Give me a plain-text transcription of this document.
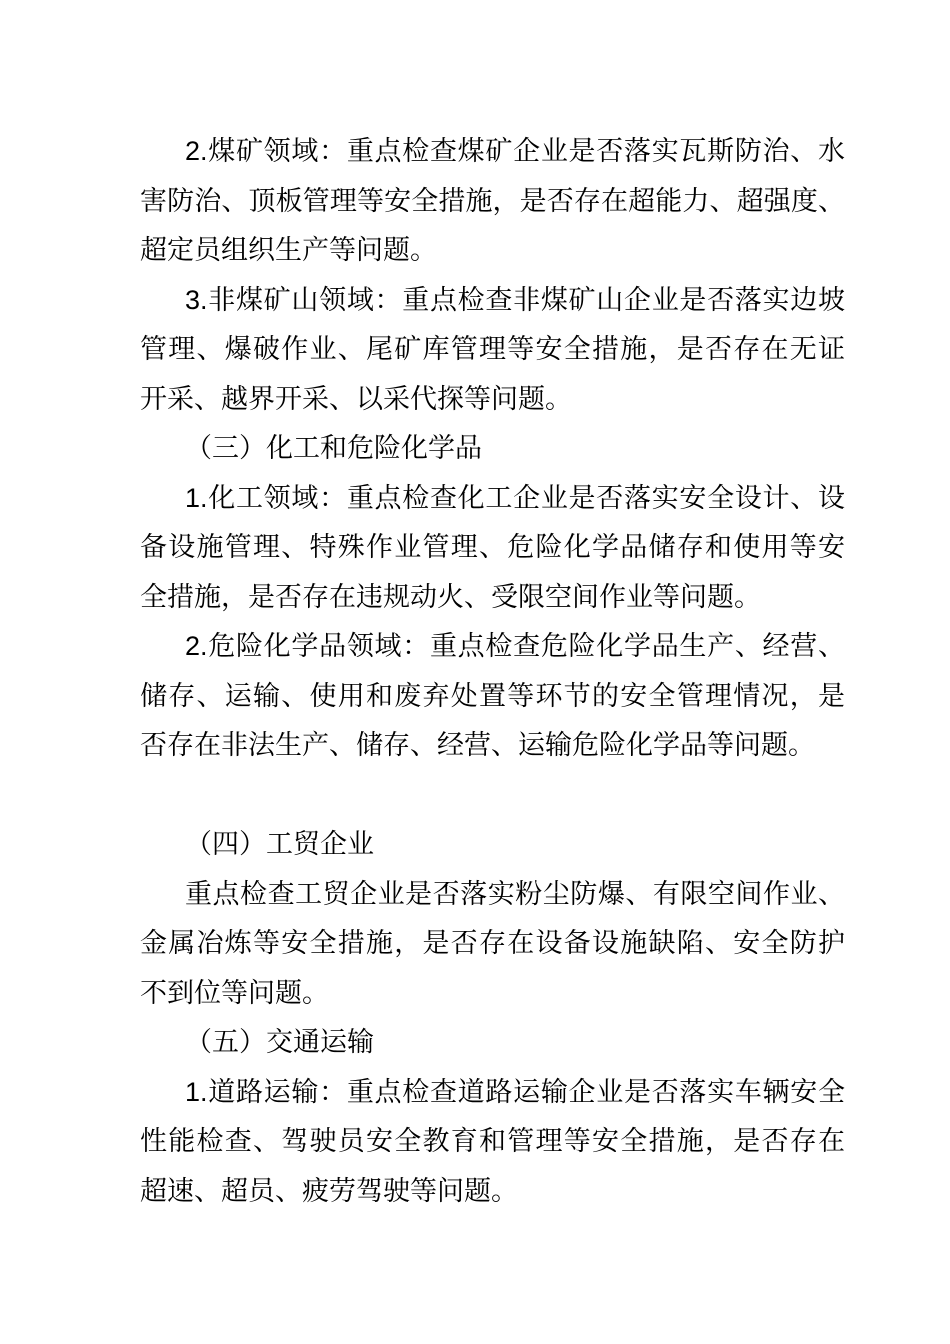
2.煤矿领域：重点检查煤矿企业是否落实瓦斯防治、水
害防治、顶板管理等安全措施，是否存在超能力、超强度、
超定员组织生产等问题。

3.非煤矿山领域：重点检查非煤矿山企业是否落实边坡
管理、爆破作业、尾矿库管理等安全措施，是否存在无证
开采、越界开采、以采代探等问题。

（三）化工和危险化学品

1.化工领域：重点检查化工企业是否落实安全设计、设
备设施管理、特殊作业管理、危险化学品储存和使用等安
全措施，是否存在违规动火、受限空间作业等问题。

2.危险化学品领域：重点检查危险化学品生产、经营、
储存、运输、使用和废弃处置等环节的安全管理情况，是
否存在非法生产、储存、经营、运输危险化学品等问题。

（四）工贸企业

重点检查工贸企业是否落实粉尘防爆、有限空间作业、
金属冶炼等安全措施，是否存在设备设施缺陷、安全防护
不到位等问题。

（五）交通运输

1.道路运输：重点检查道路运输企业是否落实车辆安全
性能检查、驾驶员安全教育和管理等安全措施，是否存在
超速、超员、疲劳驾驶等问题。
